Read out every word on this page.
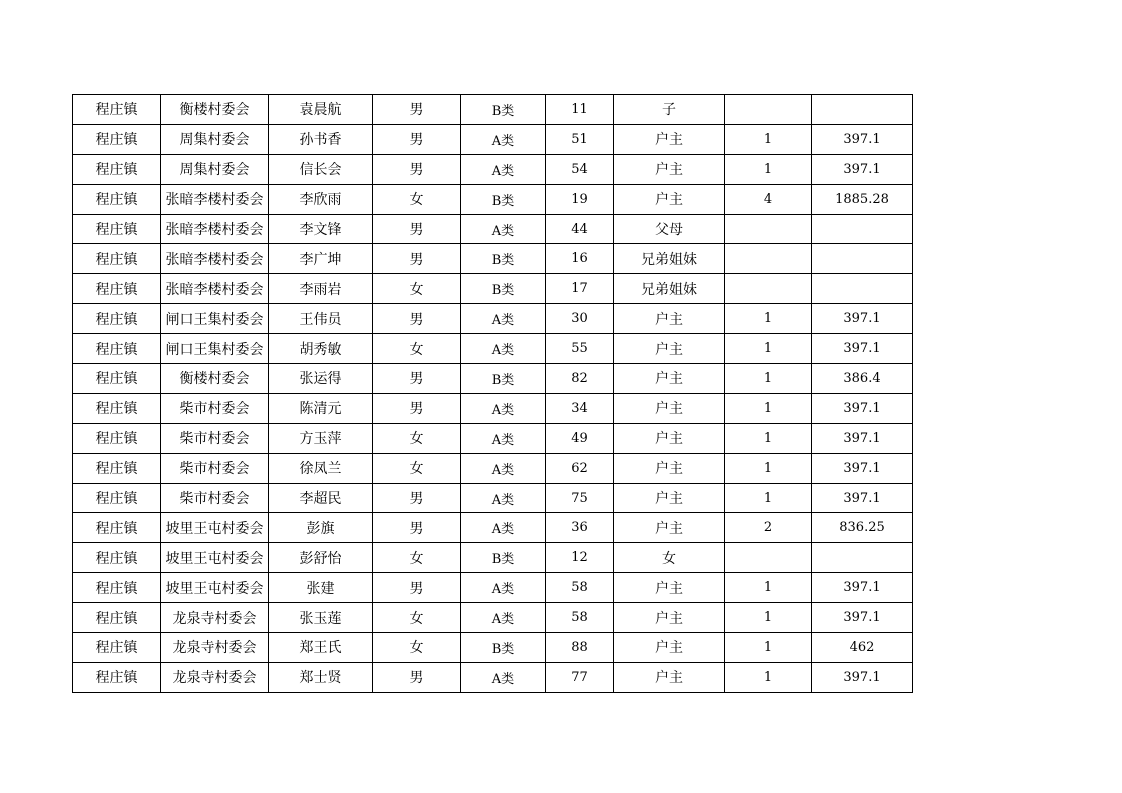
程庄镇	衡楼村委会	袁晨航	男	B类	11	子		
程庄镇	周集村委会	孙书香	男	A类	51	户主	1	397.1
程庄镇	周集村委会	信长会	男	A类	54	户主	1	397.1
程庄镇	张暗李楼村委会	李欣雨	女	B类	19	户主	4	1885.28
程庄镇	张暗李楼村委会	李文锋	男	A类	44	父母		
程庄镇	张暗李楼村委会	李广坤	男	B类	16	兄弟姐妹		
程庄镇	张暗李楼村委会	李雨岩	女	B类	17	兄弟姐妹		
程庄镇	闸口王集村委会	王伟员	男	A类	30	户主	1	397.1
程庄镇	闸口王集村委会	胡秀敏	女	A类	55	户主	1	397.1
程庄镇	衡楼村委会	张运得	男	B类	82	户主	1	386.4
程庄镇	柴市村委会	陈清元	男	A类	34	户主	1	397.1
程庄镇	柴市村委会	方玉萍	女	A类	49	户主	1	397.1
程庄镇	柴市村委会	徐凤兰	女	A类	62	户主	1	397.1
程庄镇	柴市村委会	李超民	男	A类	75	户主	1	397.1
程庄镇	坡里王屯村委会	彭旗	男	A类	36	户主	2	836.25
程庄镇	坡里王屯村委会	彭舒怡	女	B类	12	女		
程庄镇	坡里王屯村委会	张建	男	A类	58	户主	1	397.1
程庄镇	龙泉寺村委会	张玉莲	女	A类	58	户主	1	397.1
程庄镇	龙泉寺村委会	郑王氏	女	B类	88	户主	1	462
程庄镇	龙泉寺村委会	郑士贤	男	A类	77	户主	1	397.1
